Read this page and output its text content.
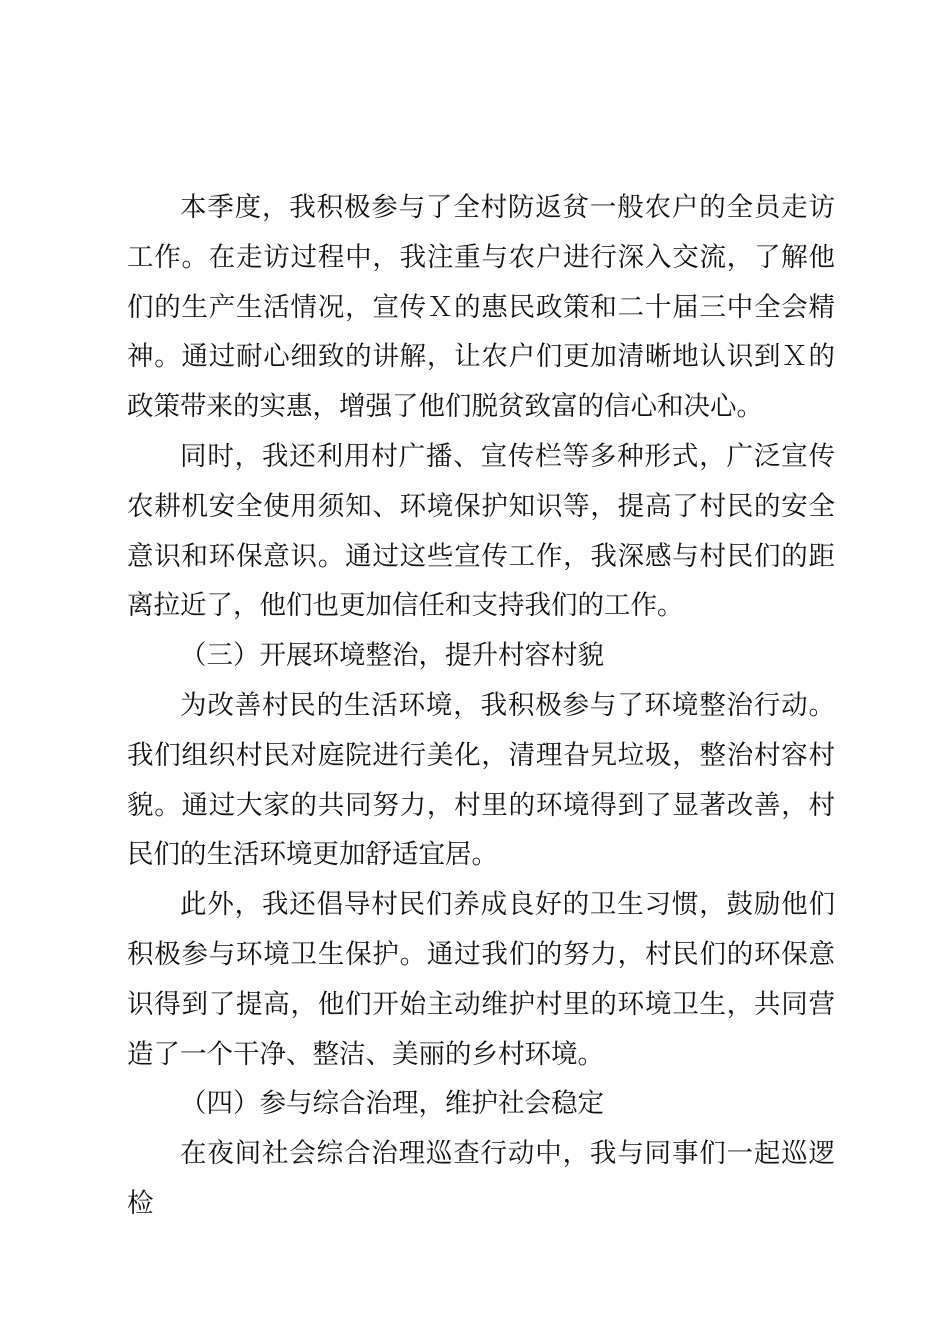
本季度，我积极参与了全村防返贫一般农户的全员走访工作。在走访过程中，我注重与农户进行深入交流，了解他们的生产生活情况，宣传Ｘ的惠民政策和二十届三中全会精神。通过耐心细致的讲解，让农户们更加清晰地认识到Ｘ的政策带来的实惠，增强了他们脱贫致富的信心和决心。

同时，我还利用村广播、宣传栏等多种形式，广泛宣传农耕机安全使用须知、环境保护知识等，提高了村民的安全意识和环保意识。通过这些宣传工作，我深感与村民们的距离拉近了，他们也更加信任和支持我们的工作。

（三）开展环境整治，提升村容村貌

为改善村民的生活环境，我积极参与了环境整治行动。我们组织村民对庭院进行美化，清理旮旯垃圾，整治村容村貌。通过大家的共同努力，村里的环境得到了显著改善，村民们的生活环境更加舒适宜居。

此外，我还倡导村民们养成良好的卫生习惯，鼓励他们积极参与环境卫生保护。通过我们的努力，村民们的环保意识得到了提高，他们开始主动维护村里的环境卫生，共同营造了一个干净、整洁、美丽的乡村环境。

（四）参与综合治理，维护社会稳定

在夜间社会综合治理巡查行动中，我与同事们一起巡逻检
